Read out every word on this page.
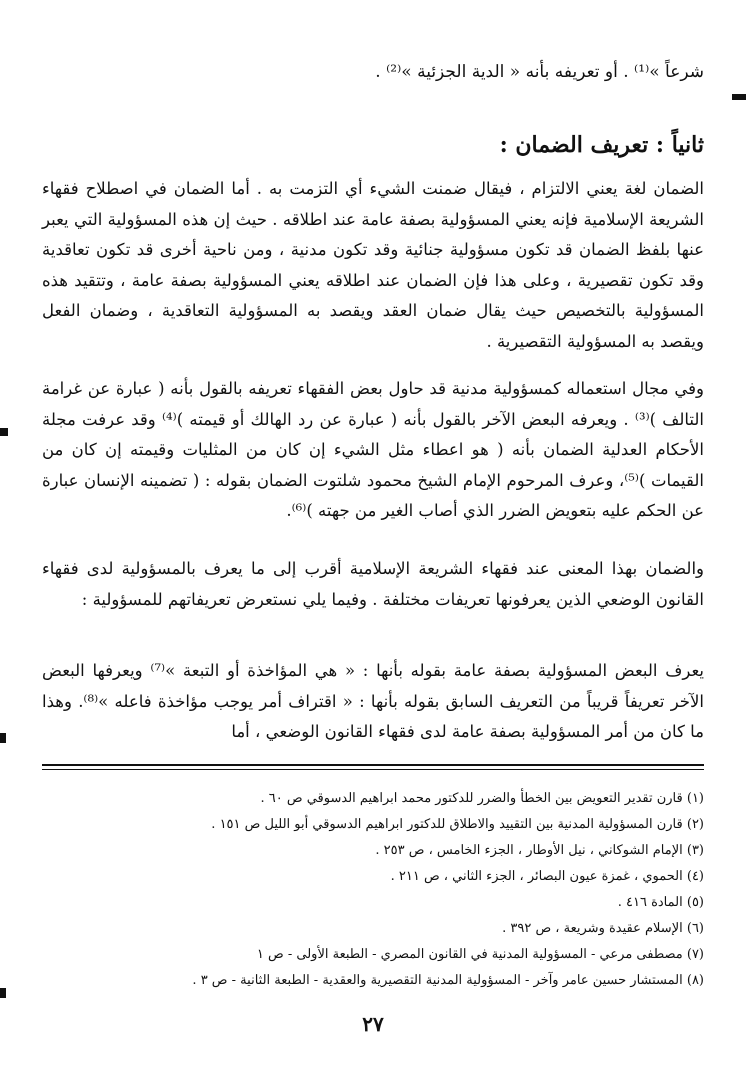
شرعاً »⁽¹⁾ . أو تعريفه بأنه « الدية الجزئية »⁽²⁾ .
ثانياً : تعريف الضمان :
الضمان لغة يعني الالتزام ، فيقال ضمنت الشيء أي التزمت به . أما الضمان في اصطلاح فقهاء الشريعة الإسلامية فإنه يعني المسؤولية بصفة عامة عند اطلاقه . حيث إن هذه المسؤولية التي يعبر عنها بلفظ الضمان قد تكون مسؤولية جنائية وقد تكون مدنية ، ومن ناحية أخرى قد تكون تعاقدية وقد تكون تقصيرية ، وعلى هذا فإن الضمان عند اطلاقه يعني المسؤولية بصفة عامة ، وتتقيد هذه المسؤولية بالتخصيص حيث يقال ضمان العقد ويقصد به المسؤولية التعاقدية ، وضمان الفعل ويقصد به المسؤولية التقصيرية .
وفي مجال استعماله كمسؤولية مدنية قد حاول بعض الفقهاء تعريفه بالقول بأنه ( عبارة عن غرامة التالف )⁽³⁾ . ويعرفه البعض الآخر بالقول بأنه ( عبارة عن رد الهالك أو قيمته )⁽⁴⁾ وقد عرفت مجلة الأحكام العدلية الضمان بأنه ( هو اعطاء مثل الشيء إن كان من المثليات وقيمته إن كان من القيمات )⁽⁵⁾، وعرف المرحوم الإمام الشيخ محمود شلتوت الضمان بقوله : ( تضمينه الإنسان عبارة عن الحكم عليه بتعويض الضرر الذي أصاب الغير من جهته )⁽⁶⁾.
والضمان بهذا المعنى عند فقهاء الشريعة الإسلامية أقرب إلى ما يعرف بالمسؤولية لدى فقهاء القانون الوضعي الذين يعرفونها تعريفات مختلفة . وفيما يلي نستعرض تعريفاتهم للمسؤولية :
يعرف البعض المسؤولية بصفة عامة بقوله بأنها : « هي المؤاخذة أو التبعة »⁽⁷⁾ ويعرفها البعض الآخر تعريفاً قريباً من التعريف السابق بقوله بأنها : « اقتراف أمر يوجب مؤاخذة فاعله »⁽⁸⁾. وهذا ما كان من أمر المسؤولية بصفة عامة لدى فقهاء القانون الوضعي ، أما
(١) قارن تقدير التعويض بين الخطأ والضرر للدكتور محمد ابراهيم الدسوقي ص ٦٠ .
(٢) قارن المسؤولية المدنية بين التقييد والاطلاق للدكتور ابراهيم الدسوقي أبو الليل ص ١٥١ .
(٣) الإمام الشوكاني ، نيل الأوطار ، الجزء الخامس ، ص ٢٥٣ .
(٤) الحموي ، غمزة عيون البصائر ، الجزء الثاني ، ص ٢١١ .
(٥) المادة ٤١٦ .
(٦) الإسلام عقيدة وشريعة ، ص ٣٩٢ .
(٧) مصطفى مرعي - المسؤولية المدنية في القانون المصري - الطبعة الأولى - ص ١
(٨) المستشار حسين عامر وآخر - المسؤولية المدنية التقصيرية والعقدية - الطبعة الثانية - ص ٣ .
٢٧
